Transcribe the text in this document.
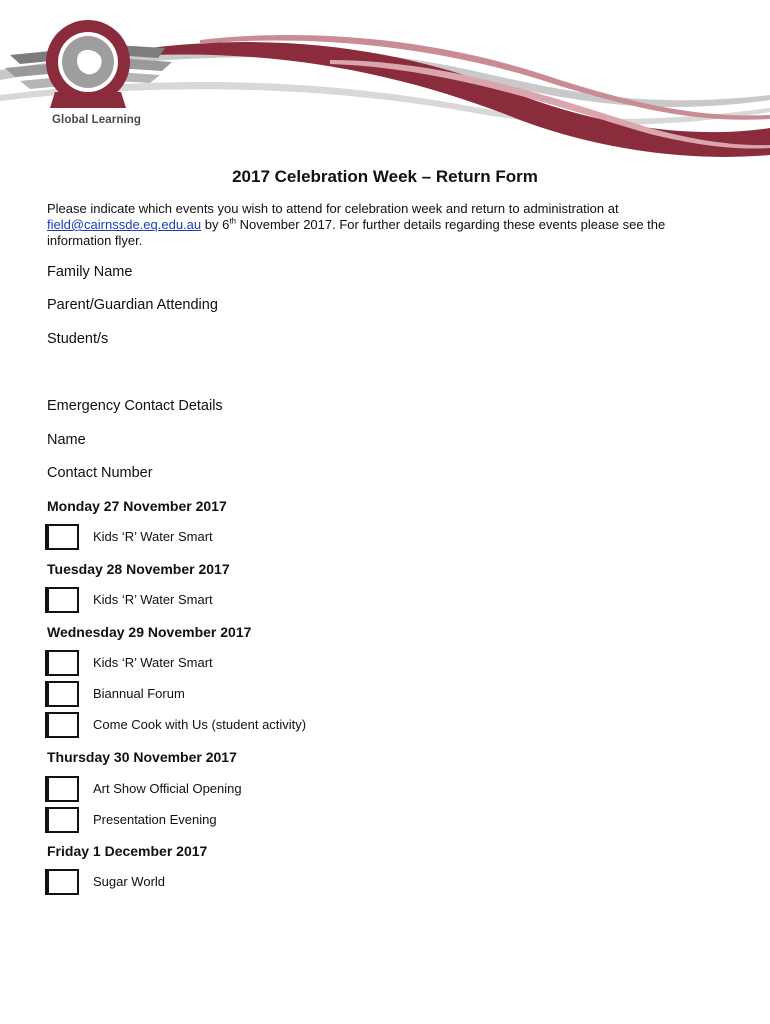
Global Learning
2017 Celebration Week – Return Form

Please indicate which events you wish to attend for celebration week and return to administration at field@cairnssde.eq.edu.au by 6th November 2017. For further details regarding these events please see the information flyer.

Family Name

Parent/Guardian Attending

Student/s

Emergency Contact Details

Name

Contact Number

Monday 27 November 2017

Kids ‘R’ Water Smart

Tuesday 28 November 2017

Kids ‘R’ Water Smart

Wednesday 29 November 2017

Kids ‘R’ Water Smart
Biannual Forum
Come Cook with Us (student activity)

Thursday 30 November 2017

Art Show Official Opening
Presentation Evening

Friday 1 December 2017

Sugar World
